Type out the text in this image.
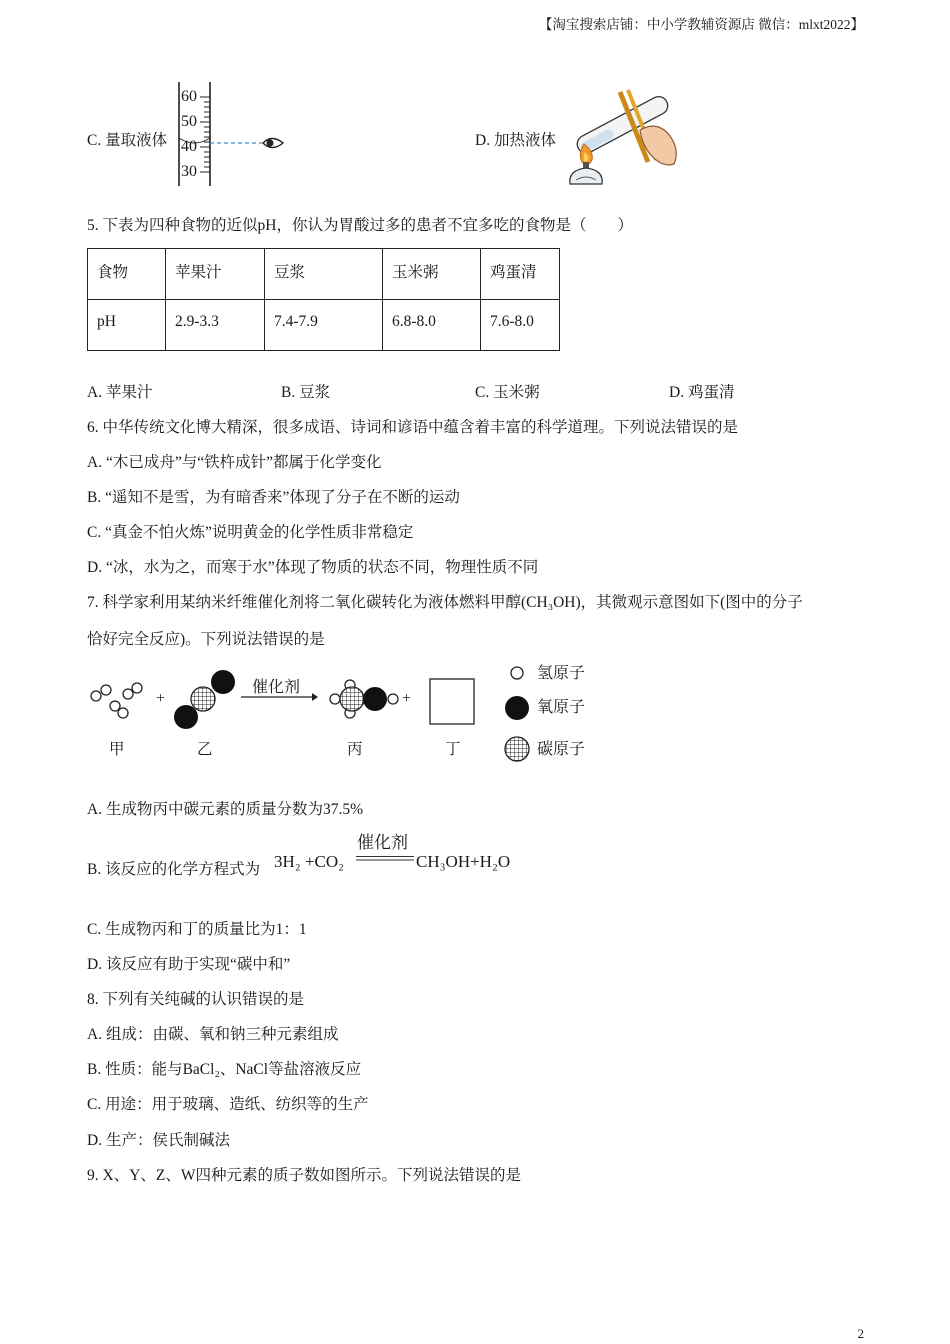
【淘宝搜索店铺：中小学教辅资源店 微信：mlxt2022】
C. 量取液体
60
50
40
30
D. 加热液体
5. 下表为四种食物的近似pH，你认为胃酸过多的患者不宜多吃的食物是（　　）
食物	苹果汁	豆浆	玉米粥	鸡蛋清
pH	2.9-3.3	7.4-7.9	6.8-8.0	7.6-8.0
A. 苹果汁	B. 豆浆	C. 玉米粥	D. 鸡蛋清
6. 中华传统文化博大精深，很多成语、诗词和谚语中蕴含着丰富的科学道理。下列说法错误的是
A. “木已成舟”与“铁杵成针”都属于化学变化
B. “遥知不是雪，为有暗香来”体现了分子在不断的运动
C. “真金不怕火炼”说明黄金的化学性质非常稳定
D. “冰，水为之，而寒于水”体现了物质的状态不同，物理性质不同
7. 科学家利用某纳米纤维催化剂将二氧化碳转化为液体燃料甲醇(CH₃OH)，其微观示意图如下(图中的分子
恰好完全反应)。下列说法错误的是
+	+
催化剂
甲	乙	丙	丁
氢原子
氧原子
碳原子
A. 生成物丙中碳元素的质量分数为37.5%
B. 该反应的化学方程式为 3H₂ +CO₂
催化剂
CH₃OH+H₂O
C. 生成物丙和丁的质量比为1：1
D. 该反应有助于实现“碳中和”
8. 下列有关纯碱的认识错误的是
A. 组成：由碳、氧和钠三种元素组成
B. 性质：能与BaCl₂、NaCl等盐溶液反应
C. 用途：用于玻璃、造纸、纺织等的生产
D. 生产：侯氏制碱法
9. X、Y、Z、W四种元素的质子数如图所示。下列说法错误的是
2
